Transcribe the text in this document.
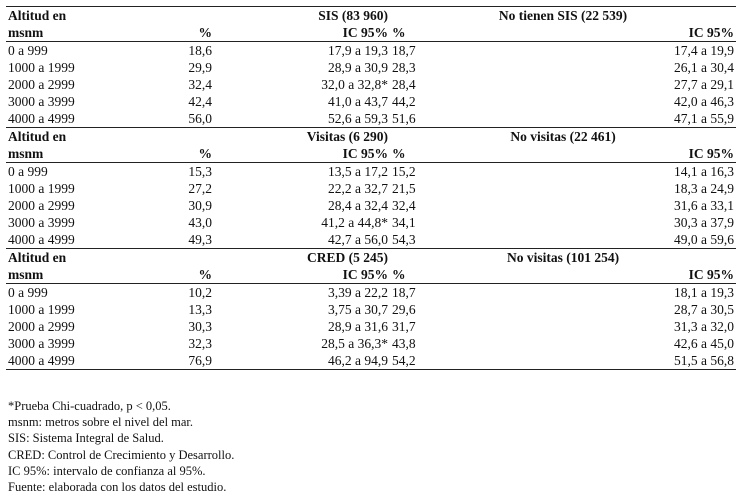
Altitud en	SIS (83 960)		No tienen SIS (22 539)	
msnm	%	IC 95%	%	IC 95%
0 a 999	18,6	17,9 a 19,3	18,7	17,4 a 19,9
1000 a 1999	29,9	28,9 a 30,9	28,3	26,1 a 30,4
2000 a 2999	32,4	32,0 a 32,8*	28,4	27,7 a 29,1
3000 a 3999	42,4	41,0 a 43,7	44,2	42,0 a 46,3
4000 a 4999	56,0	52,6 a 59,3	51,6	47,1 a 55,9
Altitud en	Visitas (6 290)		No visitas (22 461)	
msnm	%	IC 95%	%	IC 95%
0 a 999	15,3	13,5 a 17,2	15,2	14,1 a 16,3
1000 a 1999	27,2	22,2 a 32,7	21,5	18,3 a 24,9
2000 a 2999	30,9	28,4 a 32,4	32,4	31,6 a 33,1
3000 a 3999	43,0	41,2 a 44,8*	34,1	30,3 a 37,9
4000 a 4999	49,3	42,7 a 56,0	54,3	49,0 a 59,6
Altitud en	CRED (5 245)		No visitas (101 254)	
msnm	%	IC 95%	%	IC 95%
0 a 999	10,2	3,39 a 22,2	18,7	18,1 a 19,3
1000 a 1999	13,3	3,75 a 30,7	29,6	28,7 a 30,5
2000 a 2999	30,3	28,9 a 31,6	31,7	31,3 a 32,0
3000 a 3999	32,3	28,5 a 36,3*	43,8	42,6 a 45,0
4000 a 4999	76,9	46,2 a 94,9	54,2	51,5 a 56,8
*Prueba Chi-cuadrado, p < 0,05.
msnm: metros sobre el nivel del mar.
SIS: Sistema Integral de Salud.
CRED: Control de Crecimiento y Desarrollo.
IC 95%: intervalo de confianza al 95%.
Fuente: elaborada con los datos del estudio.
